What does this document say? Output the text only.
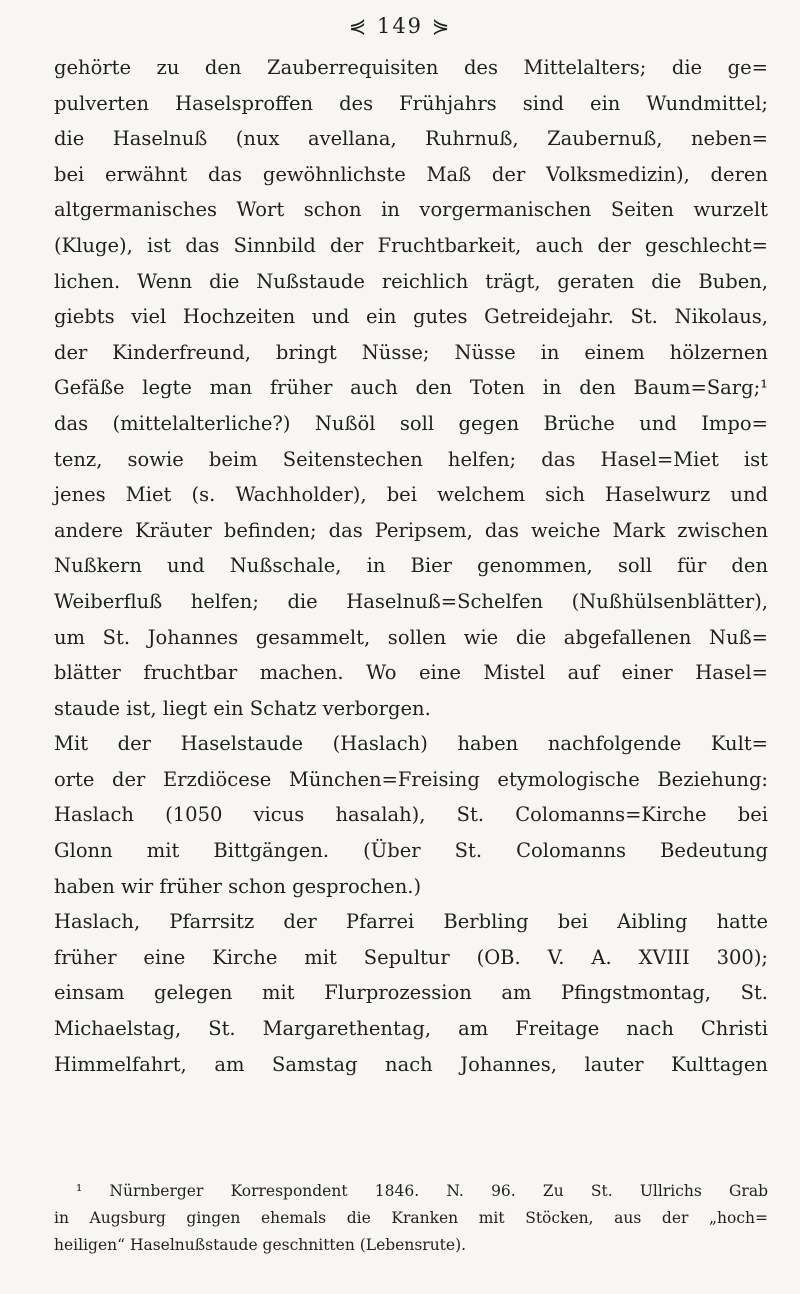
⋞ 149 ⋟
gehörte zu den Zauberrequisiten des Mittelalters; die ge=
pulverten Haselsproffen des Frühjahrs sind ein Wundmittel;
die Haselnuß (nux avellana, Ruhrnuß, Zaubernuß, neben=
bei erwähnt das gewöhnlichste Maß der Volksmedizin), deren
altgermanisches Wort schon in vorgermanischen Seiten wurzelt
(Kluge), ist das Sinnbild der Fruchtbarkeit, auch der geschlecht=
lichen. Wenn die Nußstaude reichlich trägt, geraten die Buben,
giebts viel Hochzeiten und ein gutes Getreidejahr. St. Nikolaus,
der Kinderfreund, bringt Nüsse; Nüsse in einem hölzernen
Gefäße legte man früher auch den Toten in den Baum=Sarg;¹
das (mittelalterliche?) Nußöl soll gegen Brüche und Impo=
tenz, sowie beim Seitenstechen helfen; das Hasel=Miet ist
jenes Miet (s. Wachholder), bei welchem sich Haselwurz und
andere Kräuter befinden; das Peripsem, das weiche Mark zwischen
Nußkern und Nußschale, in Bier genommen, soll für den
Weiberfluß helfen; die Haselnuß=Schelfen (Nußhülsenblätter),
um St. Johannes gesammelt, sollen wie die abgefallenen Nuß=
blätter fruchtbar machen. Wo eine Mistel auf einer Hasel=
staude ist, liegt ein Schatz verborgen.
Mit der Haselstaude (Haslach) haben nachfolgende Kult=
orte der Erzdiöcese München=Freising etymologische Beziehung:
Haslach (1050 vicus hasalah), St. Colomanns=Kirche bei
Glonn mit Bittgängen. (Über St. Colomanns Bedeutung
haben wir früher schon gesprochen.)
Haslach, Pfarrsitz der Pfarrei Berbling bei Aibling hatte
früher eine Kirche mit Sepultur (OB. V. A. XVIII 300);
einsam gelegen mit Flurprozession am Pfingstmontag, St.
Michaelstag, St. Margarethentag, am Freitage nach Christi
Himmelfahrt, am Samstag nach Johannes, lauter Kulttagen
¹ Nürnberger Korrespondent 1846. N. 96. Zu St. Ullrichs Grab
in Augsburg gingen ehemals die Kranken mit Stöcken, aus der „hoch=
heiligen“ Haselnußstaude geschnitten (Lebensrute).
